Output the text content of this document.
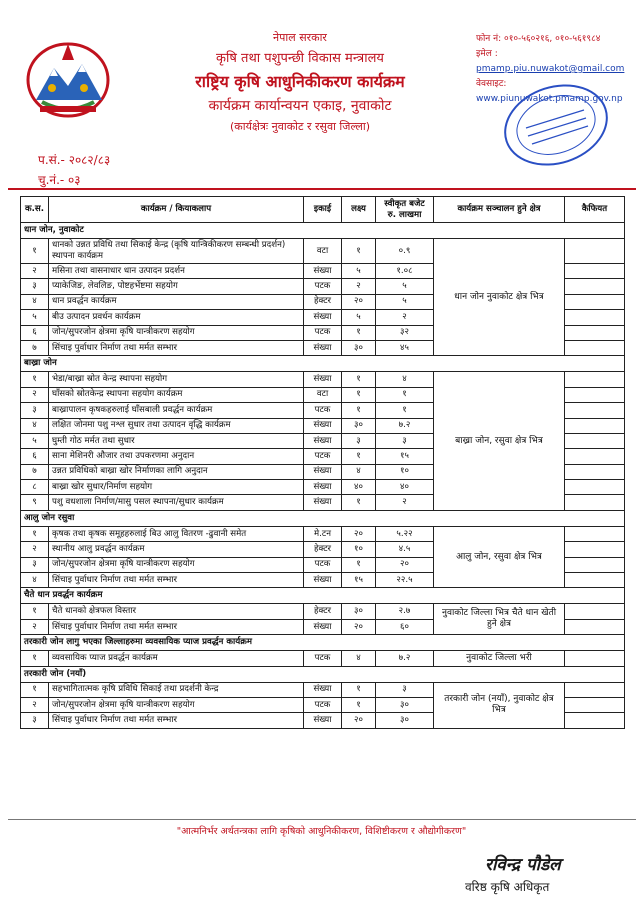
नेपाल सरकार
कृषि तथा पशुपन्छी विकास मन्त्रालय
राष्ट्रिय कृषि आधुनिकीकरण कार्यक्रम
कार्यक्रम कार्यान्वयन एकाइ, नुवाकोट
(कार्यक्षेत्रः नुवाकोट र रसुवा जिल्ला)
फोन नं: ०१०-५६०२१६, ०१०-५६१९८४
इमेल : pmamp.piu.nuwakot@gmail.com
वेवसाइट: www.piunuwakot.pmamp.gov.np
प.सं.- २०८२/८३
चु.नं.- ०३
क.स.	कार्यक्रम / कियाकलाप	इकाई	लक्ष्य	स्वीकृत बजेट रु. लाखमा	कार्यक्रम सञ्चालन हुने क्षेत्र	कैफियत
धान जोन, नुवाकोट						
१	धानको उन्नत प्रविधि तथा सिकाई केन्द्र (कृषि यान्त्रिकीकरण सम्बन्धी प्रदर्शन) स्थापना कार्यक्रम	वटा	१	०.९	धान जोन नुवाकोट क्षेत्र भित्र	
२	मसिना तथा वासनाधार धान उत्पादन प्रदर्शन	संख्या	५	१.०८		
३	प्याकेजिङ, लेवलिङ, पोष्टहर्भेष्टमा सहयोग	पटक	२	५		
४	धान प्रवर्द्धन कार्यक्रम	हेक्टर	२०	५		
५	बीउ उत्पादन प्रवर्धन कार्यक्रम	संख्या	५	२		
६	जोन/सुपरजोन क्षेत्रमा कृषि यान्त्रीकरण सहयोग	पटक	१	३२		
७	सिंचाइ पुर्वाधार निर्माण तथा मर्मत सम्भार	संख्या	३०	४५		
बाख्रा जोन						
१	भेडा/बाख्रा स्रोत केन्द्र स्थापना सहयोग	संख्या	१	४	बाख्रा जोन, रसुवा क्षेत्र भित्र	
२	घाँसको स्रोतकेन्द्र स्थापना सहयोग कार्यक्रम	वटा	१	१		
३	बाख्रापालन कृषकहरुलाई घाँसबाली प्रवर्द्धन कार्यक्रम	पटक	१	१		
४	लक्षित जोनमा पशु नश्ल सुधार तथा उत्पादन वृद्धि कार्यक्रम	संख्या	३०	७.२		
५	घुम्ती गोठ मर्मत तथा सुधार	संख्या	३	३		
६	साना मेशिनरी औजार तथा उपकरणमा अनुदान	पटक	१	१५		
७	उन्नत प्रविधिको बाख्रा खोर निर्माणका लागि अनुदान	संख्या	४	१०		
८	बाख्रा खोर सुधार/निर्माण सहयोग	संख्या	४०	४०		
९	पशु वधशाला निर्माण/मासु पसल स्थापना/सुधार कार्यक्रम	संख्या	१	२		
आलु जोन रसुवा						
१	कृषक तथा कृषक समूहहरुलाई बिउ आलु वितरण -ढुवानी समेत	मे.टन	२०	५.२२	आलु जोन, रसुवा क्षेत्र भित्र	
२	स्थानीय आलु प्रवर्द्धन कार्यक्रम	हेक्टर	१०	४.५		
३	जोन/सुपरजोन क्षेत्रमा कृषि यान्त्रीकरण सहयोग	पटक	१	२०		
४	सिंचाइ पुर्वाधार निर्माण तथा मर्मत सम्भार	संख्या	१५	२२.५		
चैते धान प्रवर्द्धन कार्यक्रम						
१	चैते धानको क्षेत्रफल विस्तार	हेक्टर	३०	२.७	नुवाकोट जिल्ला भित्र चैते धान खेती हुने क्षेत्र	
२	सिंचाइ पुर्वाधार निर्माण तथा मर्मत सम्भार	संख्या	२०	६०		
तरकारी जोन लागु भएका जिल्लाहरुमा व्यवसायिक प्याज प्रवर्द्धन कार्यक्रम						
१	व्यवसायिक प्याज प्रवर्द्धन कार्यक्रम	पटक	४	७.२	नुवाकोट जिल्ला भरी	
तरकारी जोन (नयाँ)						
१	सहभागितात्मक कृषि प्रविधि सिकाई तथा प्रदर्शनी केन्द्र	संख्या	१	३	तरकारी जोन (नयाँ), नुवाकोट क्षेत्र भित्र	
२	जोन/सुपरजोन क्षेत्रमा कृषि यान्त्रीकरण सहयोग	पटक	१	३०		
३	सिंचाइ पुर्वाधार निर्माण तथा मर्मत सम्भार	संख्या	२०	३०		
"आत्मनिर्भर अर्थतन्त्रका लागि कृषिको आधुनिकीकरण, विशिष्टीकरण र औद्योगीकरण"
रविन्द्र पौडेल
वरिष्ठ कृषि अधिकृत
